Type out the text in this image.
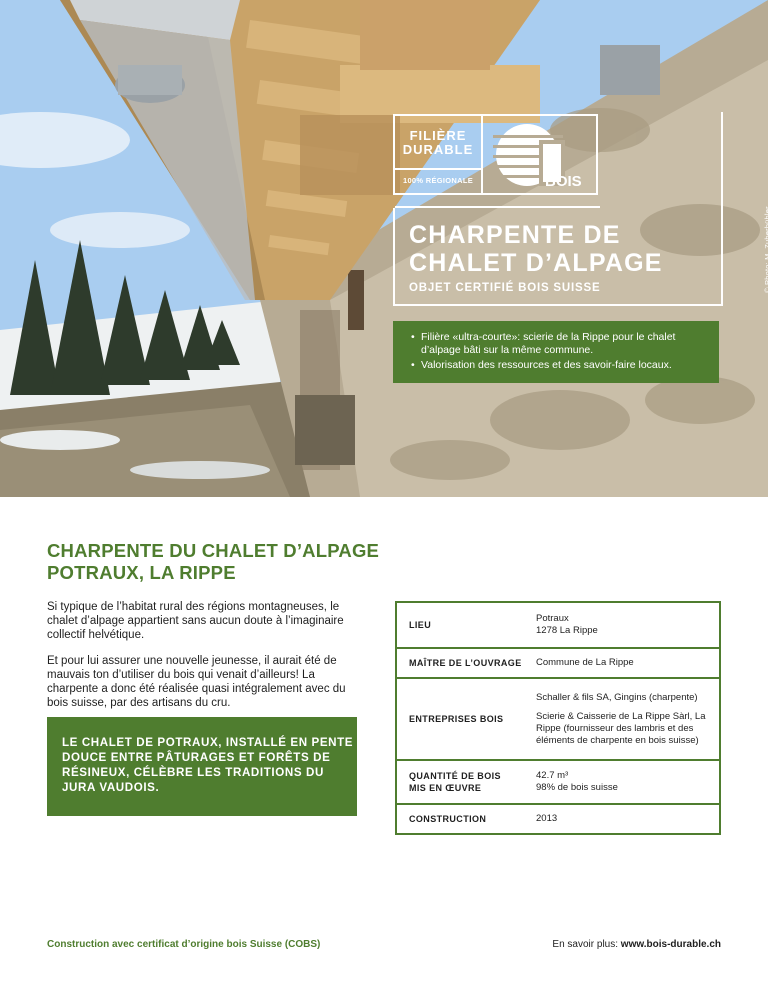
© Photo: M. Zuberbühler
FILIÈRE
DURABLE
100% RÉGIONALE	BOIS
CHARPENTE DE
CHALET D’ALPAGE
OBJET CERTIFIÉ BOIS SUISSE
• Filière «ultra-courte»: scierie de la Rippe pour le chalet d’alpage bâti sur la même commune.
• Valorisation des ressources et des savoir-faire locaux.
CHARPENTE DU CHALET D’ALPAGE
POTRAUX, LA RIPPE

Si typique de l’habitat rural des régions montagneuses, le chalet d’alpage appartient sans aucun doute à l’imaginaire collectif helvétique.

Et pour lui assurer une nouvelle jeunesse, il aurait été de mauvais ton d’utiliser du bois qui venait d’ailleurs! La charpente a donc été réalisée quasi intégralement avec du bois suisse, par des artisans du cru.

LE CHALET DE POTRAUX, INSTALLÉ EN PENTE DOUCE ENTRE PÂTURAGES ET FORÊTS DE RÉSINEUX, CÉLÈBRE LES TRADITIONS DU JURA VAUDOIS.

LIEU	Potraux
1278 La Rippe

MAÎTRE DE L’OUVRAGE	Commune de La Rippe
ENTREPRISES BOIS	Schaller & fils SA, Gingins (charpente)
Scierie & Caisserie de La Rippe Sàrl, La Rippe (fournisseur des lambris et des éléments de charpente en bois suisse)

QUANTITÉ DE BOIS
MIS EN ŒUVRE	42.7 m³
98% de bois suisse

CONSTRUCTION	2013
Construction avec certificat d’origine bois Suisse (COBS)	En savoir plus: www.bois-durable.ch
